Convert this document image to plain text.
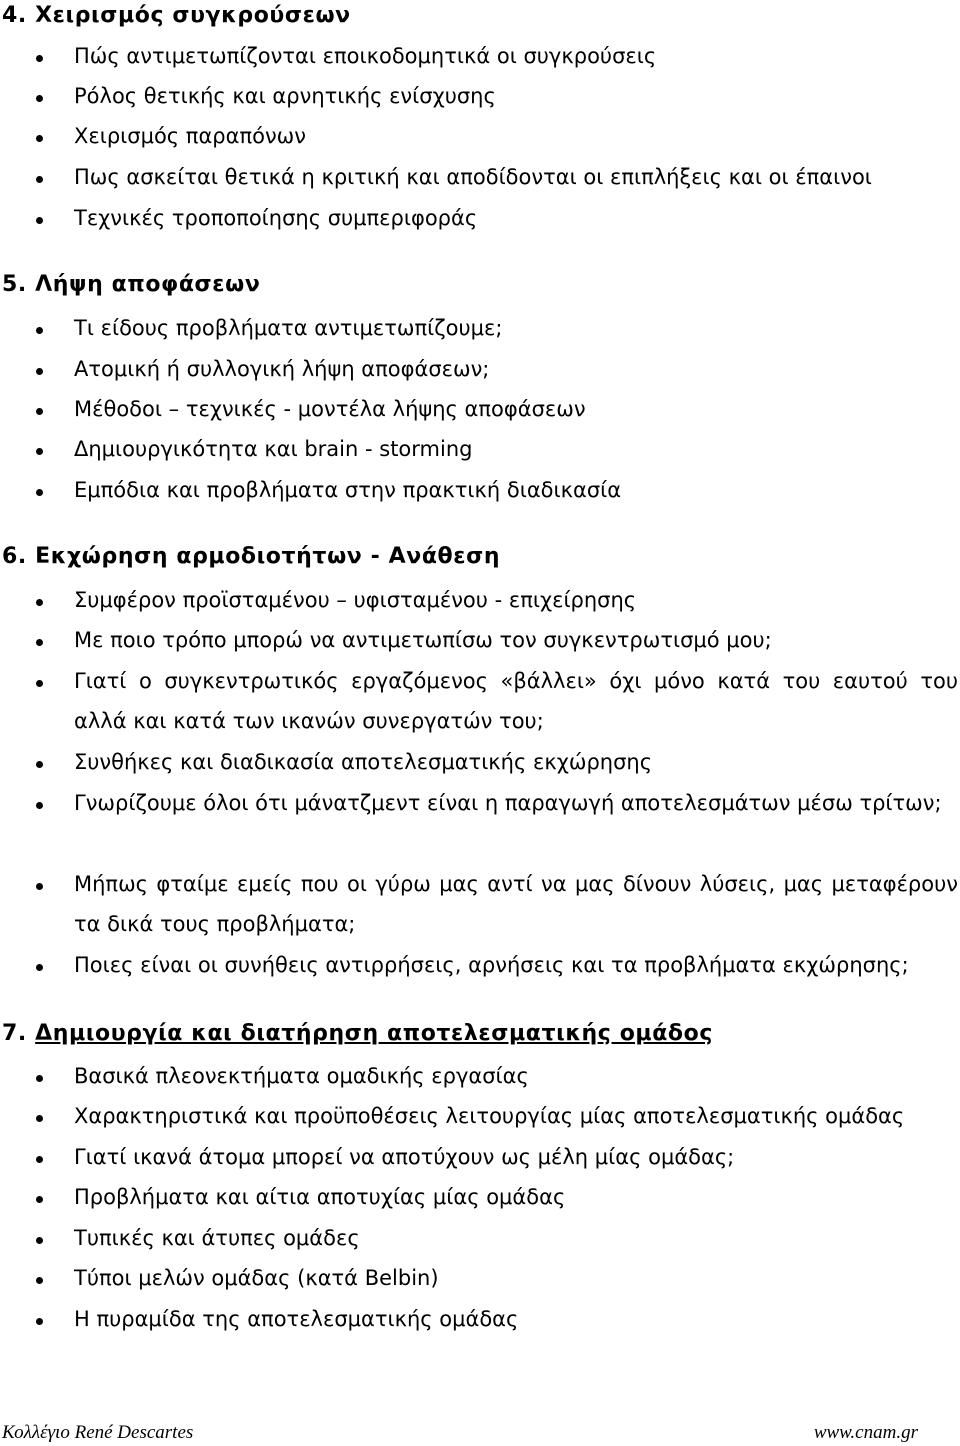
4. Χειρισμός συγκρούσεων
Πώς αντιμετωπίζονται εποικοδομητικά οι συγκρούσεις
Ρόλος θετικής και αρνητικής ενίσχυσης
Χειρισμός παραπόνων
Πως ασκείται θετικά η κριτική και αποδίδονται οι επιπλήξεις και οι έπαινοι
Τεχνικές τροποποίησης συμπεριφοράς
5. Λήψη αποφάσεων
Τι είδους προβλήματα αντιμετωπίζουμε;
Ατομική ή συλλογική λήψη αποφάσεων;
Μέθοδοι – τεχνικές - μοντέλα λήψης αποφάσεων
Δημιουργικότητα και brain - storming
Εμπόδια και προβλήματα στην πρακτική διαδικασία
6. Εκχώρηση αρμοδιοτήτων - Ανάθεση
Συμφέρον προϊσταμένου – υφισταμένου - επιχείρησης
Με ποιο τρόπο μπορώ να αντιμετωπίσω τον συγκεντρωτισμό μου;
Γιατί ο συγκεντρωτικός εργαζόμενος «βάλλει» όχι μόνο κατά του εαυτού του αλλά και κατά των ικανών συνεργατών του;
Συνθήκες και διαδικασία αποτελεσματικής εκχώρησης
Γνωρίζουμε όλοι ότι μάνατζμεντ είναι η παραγωγή αποτελεσμάτων μέσω τρίτων;
Μήπως φταίμε εμείς που οι γύρω μας αντί να μας δίνουν λύσεις, μας μεταφέρουν τα δικά τους προβλήματα;
Ποιες είναι οι συνήθεις αντιρρήσεις, αρνήσεις και τα προβλήματα εκχώρησης;
7. Δημιουργία και διατήρηση αποτελεσματικής ομάδος
Βασικά πλεονεκτήματα ομαδικής εργασίας
Χαρακτηριστικά και προϋποθέσεις λειτουργίας μίας αποτελεσματικής ομάδας
Γιατί ικανά άτομα μπορεί να αποτύχουν ως μέλη μίας ομάδας;
Προβλήματα και αίτια αποτυχίας μίας ομάδας
Τυπικές και άτυπες ομάδες
Τύποι μελών ομάδας (κατά Belbin)
Η πυραμίδα της αποτελεσματικής ομάδας
Κολλέγιο René Descartes	www.cnam.gr
